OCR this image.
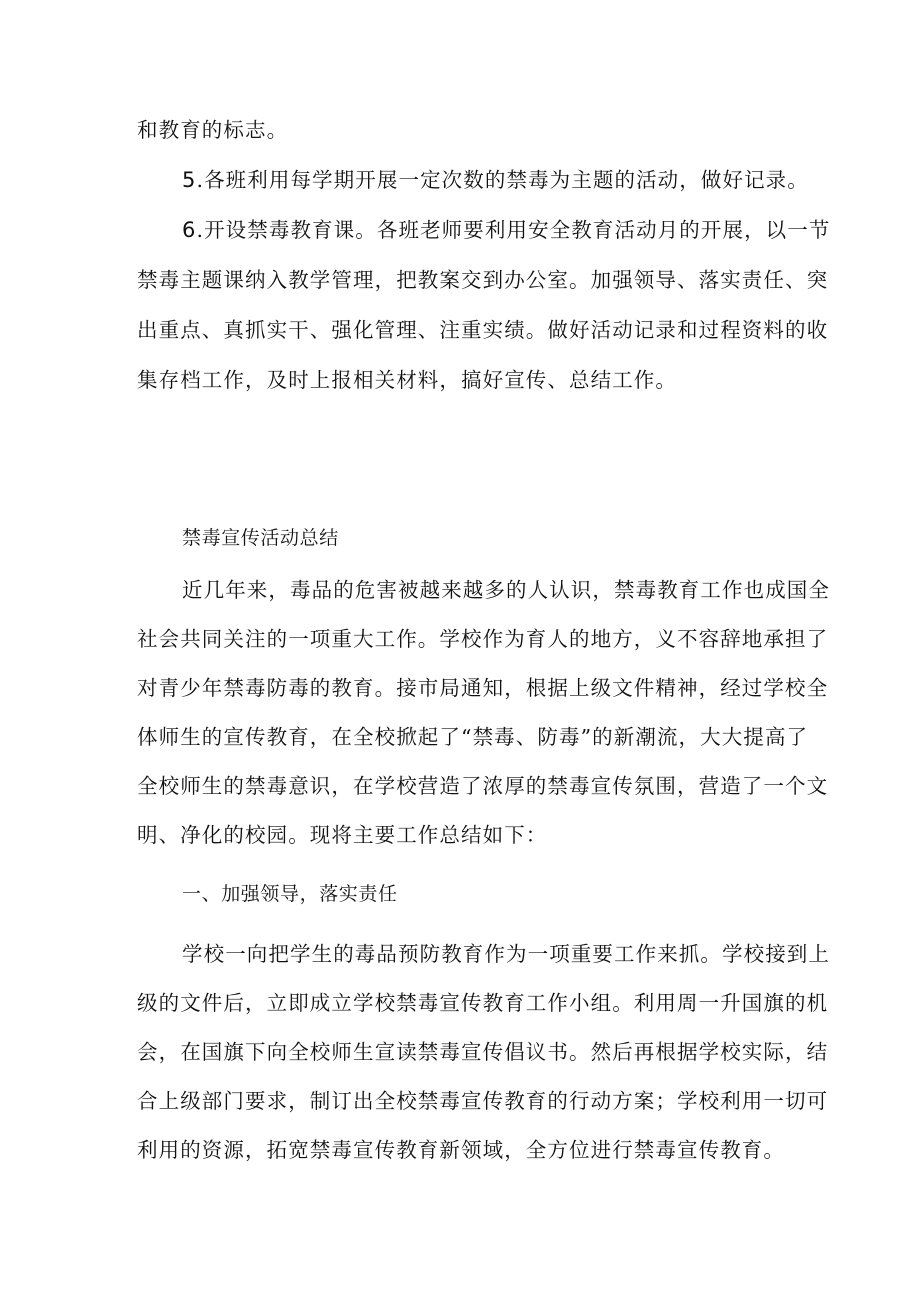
和教育的标志。
5.各班利用每学期开展一定次数的禁毒为主题的活动，做好记录。
6.开设禁毒教育课。各班老师要利用安全教育活动月的开展，以一节
禁毒主题课纳入教学管理，把教案交到办公室。加强领导、落实责任、突
出重点、真抓实干、强化管理、注重实绩。做好活动记录和过程资料的收
集存档工作，及时上报相关材料，搞好宣传、总结工作。
禁毒宣传活动总结
近几年来，毒品的危害被越来越多的人认识，禁毒教育工作也成国全
社会共同关注的一项重大工作。学校作为育人的地方，义不容辞地承担了
对青少年禁毒防毒的教育。接市局通知，根据上级文件精神，经过学校全
体师生的宣传教育，在全校掀起了“禁毒、防毒”的新潮流，大大提高了
全校师生的禁毒意识，在学校营造了浓厚的禁毒宣传氛围，营造了一个文
明、净化的校园。现将主要工作总结如下：
一、加强领导，落实责任
学校一向把学生的毒品预防教育作为一项重要工作来抓。学校接到上
级的文件后，立即成立学校禁毒宣传教育工作小组。利用周一升国旗的机
会，在国旗下向全校师生宣读禁毒宣传倡议书。然后再根据学校实际，结
合上级部门要求，制订出全校禁毒宣传教育的行动方案；学校利用一切可
利用的资源，拓宽禁毒宣传教育新领域，全方位进行禁毒宣传教育。
